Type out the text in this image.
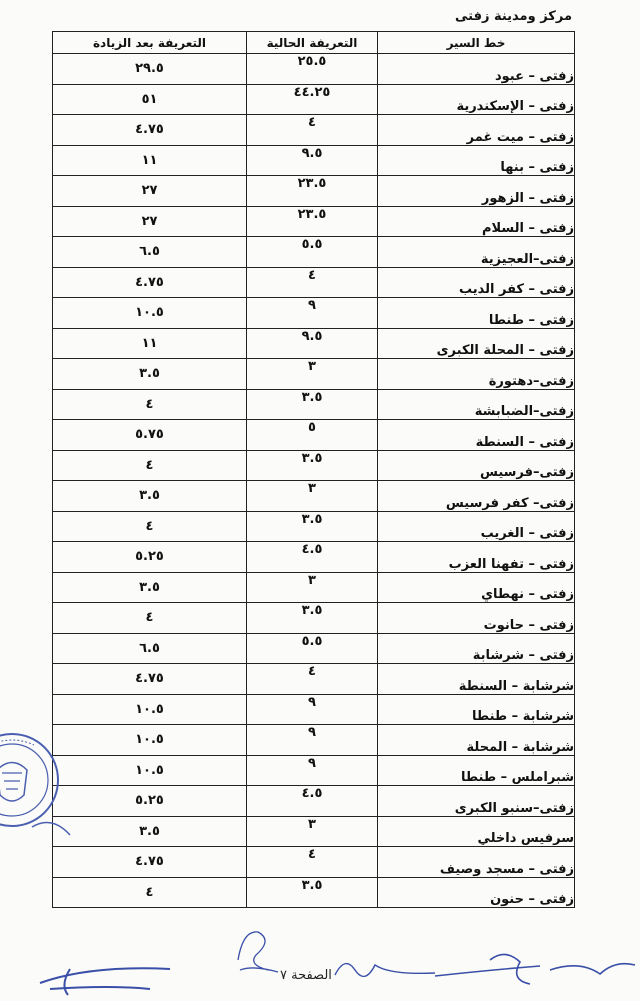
مركز ومدينة زفتى
خط السير	التعريفة الحالية	التعريفة بعد الزيادة
زفتى – عبود	٢٥.٥	٢٩.٥
زفتى – الإسكندرية	٤٤.٢٥	٥١
زفتى – ميت غمر	٤	٤.٧٥
زفتى – بنها	٩.٥	١١
زفتى – الزهور	٢٣.٥	٢٧
زفتى – السلام	٢٣.٥	٢٧
زفتى–العجيزية	٥.٥	٦.٥
زفتى – كفر الديب	٤	٤.٧٥
زفتى – طنطا	٩	١٠.٥
زفتى – المحلة الكبرى	٩.٥	١١
زفتى–دهتورة	٣	٣.٥
زفتى–الضبابشة	٣.٥	٤
زفتى – السنطة	٥	٥.٧٥
زفتى–فرسيس	٣.٥	٤
زفتى– كفر فرسيس	٣	٣.٥
زفتى – الغريب	٣.٥	٤
زفتى – تفهنا العزب	٤.٥	٥.٢٥
زفتى – نهطاي	٣	٣.٥
زفتى – حانوت	٣.٥	٤
زفتى – شرشابة	٥.٥	٦.٥
شرشابة – السنطة	٤	٤.٧٥
شرشابة – طنطا	٩	١٠.٥
شرشابة – المحلة	٩	١٠.٥
شبراملس – طنطا	٩	١٠.٥
زفتى–سنبو الكبرى	٤.٥	٥.٢٥
سرفيس داخلي	٣	٣.٥
زفتى – مسجد وصيف	٤	٤.٧٥
زفتى – حنون	٣.٥	٤
الصفحة ٧
